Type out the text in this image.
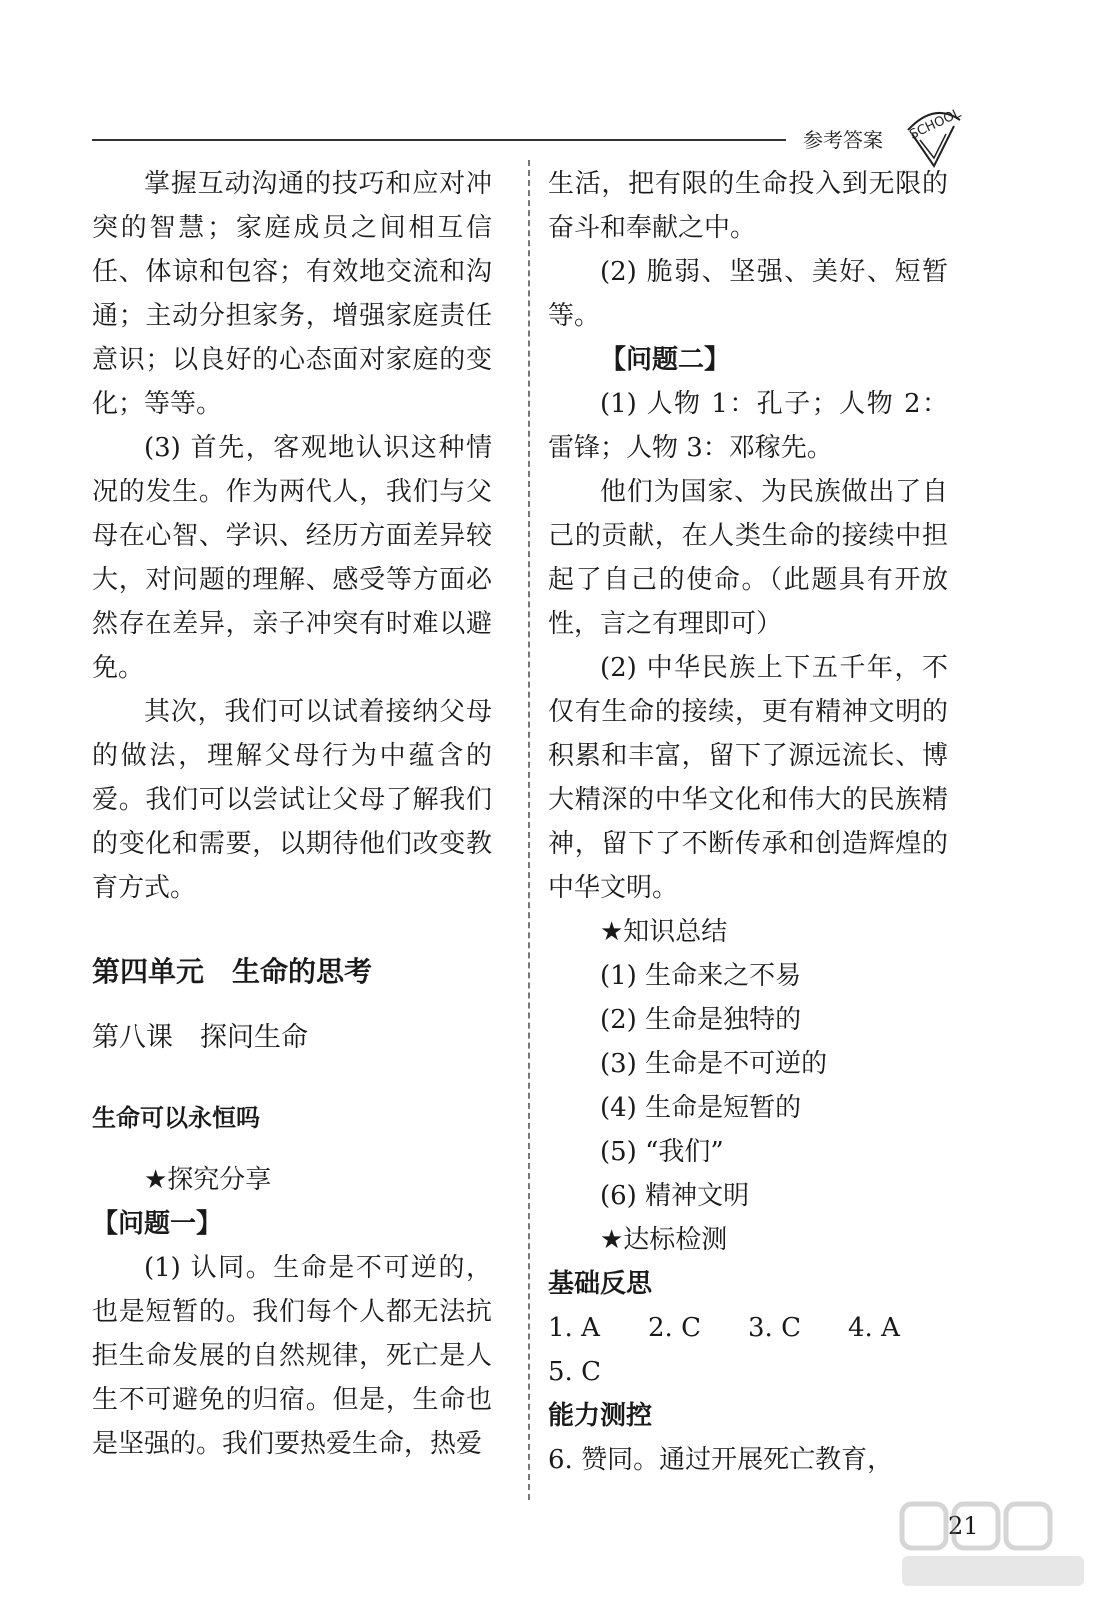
参考答案 SCHOOL

掌握互动沟通的技巧和应对冲突的智慧；家庭成员之间相互信任、体谅和包容；有效地交流和沟通；主动分担家务，增强家庭责任意识；以良好的心态面对家庭的变化；等等。

(3) 首先，客观地认识这种情况的发生。作为两代人，我们与父母在心智、学识、经历方面差异较大，对问题的理解、感受等方面必然存在差异，亲子冲突有时难以避免。

其次，我们可以试着接纳父母的做法，理解父母行为中蕴含的爱。我们可以尝试让父母了解我们的变化和需要，以期待他们改变教育方式。

第四单元　生命的思考

第八课　探问生命

生命可以永恒吗

★探究分享

【问题一】

(1) 认同。生命是不可逆的，也是短暂的。我们每个人都无法抗拒生命发展的自然规律，死亡是人生不可避免的归宿。但是，生命也是坚强的。我们要热爱生命，热爱

生活，把有限的生命投入到无限的奋斗和奉献之中。

(2) 脆弱、坚强、美好、短暂等。

【问题二】

(1) 人物 1：孔子；人物 2：雷锋；人物 3：邓稼先。

他们为国家、为民族做出了自己的贡献，在人类生命的接续中担起了自己的使命。（此题具有开放性，言之有理即可）

(2) 中华民族上下五千年，不仅有生命的接续，更有精神文明的积累和丰富，留下了源远流长、博大精深的中华文化和伟大的民族精神，留下了不断传承和创造辉煌的中华文明。

★知识总结

(1) 生命来之不易

(2) 生命是独特的

(3) 生命是不可逆的

(4) 生命是短暂的

(5) “我们”

(6) 精神文明

★达标检测

基础反思

1. A	2. C	3. C	4. A

5. C

能力测控

6. 赞同。通过开展死亡教育，

21
